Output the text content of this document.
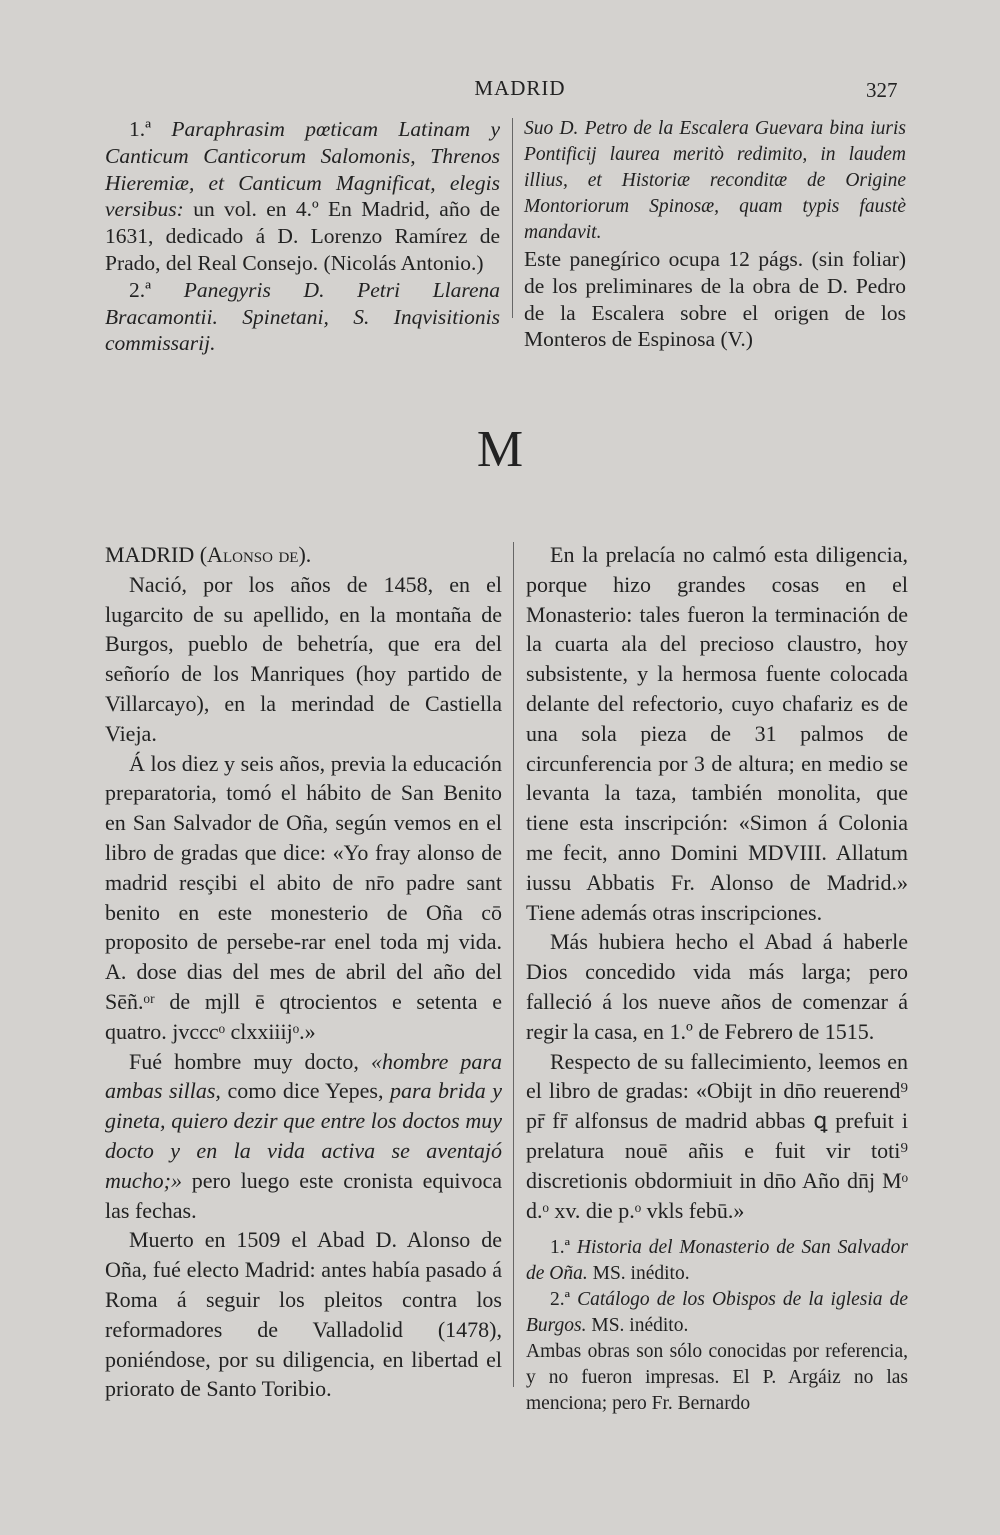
MADRID	327

1.ª Paraphrasim pœticam Latinam y Canticum Canticorum Salomonis, Threnos Hieremiæ, et Canticum Magnificat, elegis versibus: un vol. en 4.º En Madrid, año de 1631, dedicado á D. Lorenzo Ramírez de Prado, del Real Consejo. (Nicolás Antonio.)

2.ª Panegyris D. Petri Llarena Bracamontii. Spinetani, S. Inqvisitionis commissarij.

Suo D. Petro de la Escalera Guevara bina iuris Pontificij laurea meritò redimito, in laudem illius, et Historiæ reconditæ de Origine Montoriorum Spinosæ, quam typis faustè mandavit.

Este panegírico ocupa 12 págs. (sin foliar) de los preliminares de la obra de D. Pedro de la Escalera sobre el origen de los Monteros de Espinosa (V.)

M

MADRID (Alonso de).

Nació, por los años de 1458, en el lugarcito de su apellido, en la montaña de Burgos, pueblo de behetría, que era del señorío de los Manriques (hoy partido de Villarcayo), en la merindad de Castiella Vieja.

Á los diez y seis años, previa la educación preparatoria, tomó el hábito de San Benito en San Salvador de Oña, según vemos en el libro de gradas que dice: «Yo fray alonso de madrid resçibi el abito de nr̄o padre sant benito en este monesterio de Oña cō proposito de persebe-rar enel toda mj vida. A. dose dias del mes de abril del año del Sēñ.ᵒʳ de mjll ē qtrocientos e setenta e quatro. jvcccᵒ clxxiiijᵒ.»

Fué hombre muy docto, «hombre para ambas sillas, como dice Yepes, para brida y gineta, quiero dezir que entre los doctos muy docto y en la vida activa se aventajó mucho;» pero luego este cronista equivoca las fechas.

Muerto en 1509 el Abad D. Alonso de Oña, fué electo Madrid: antes había pasado á Roma á seguir los pleitos contra los reformadores de Valladolid (1478), poniéndose, por su diligencia, en libertad el priorato de Santo Toribio.

En la prelacía no calmó esta diligencia, porque hizo grandes cosas en el Monasterio: tales fueron la terminación de la cuarta ala del precioso claustro, hoy subsistente, y la hermosa fuente colocada delante del refectorio, cuyo chafariz es de una sola pieza de 31 palmos de circunferencia por 3 de altura; en medio se levanta la taza, también monolita, que tiene esta inscripción: «Simon á Colonia me fecit, anno Domini MDVIII. Allatum iussu Abbatis Fr. Alonso de Madrid.» Tiene además otras inscripciones.

Más hubiera hecho el Abad á haberle Dios concedido vida más larga; pero falleció á los nueve años de comenzar á regir la casa, en 1.º de Febrero de 1515.

Respecto de su fallecimiento, leemos en el libro de gradas: «Obijt in dn̄o reuerend⁹ pr̄ fr̄ alfonsus de madrid abbas ꝗ prefuit i prelatura nouē añis e fuit vir toti⁹ discretionis obdormiuit in dn̄o Año dn̄j Mᵒ d.ᵒ xv. die p.ᵒ vkls febū.»

1.ª Historia del Monasterio de San Salvador de Oña. MS. inédito.

2.ª Catálogo de los Obispos de la iglesia de Burgos. MS. inédito.

Ambas obras son sólo conocidas por referencia, y no fueron impresas. El P. Argáiz no las menciona; pero Fr. Bernardo
